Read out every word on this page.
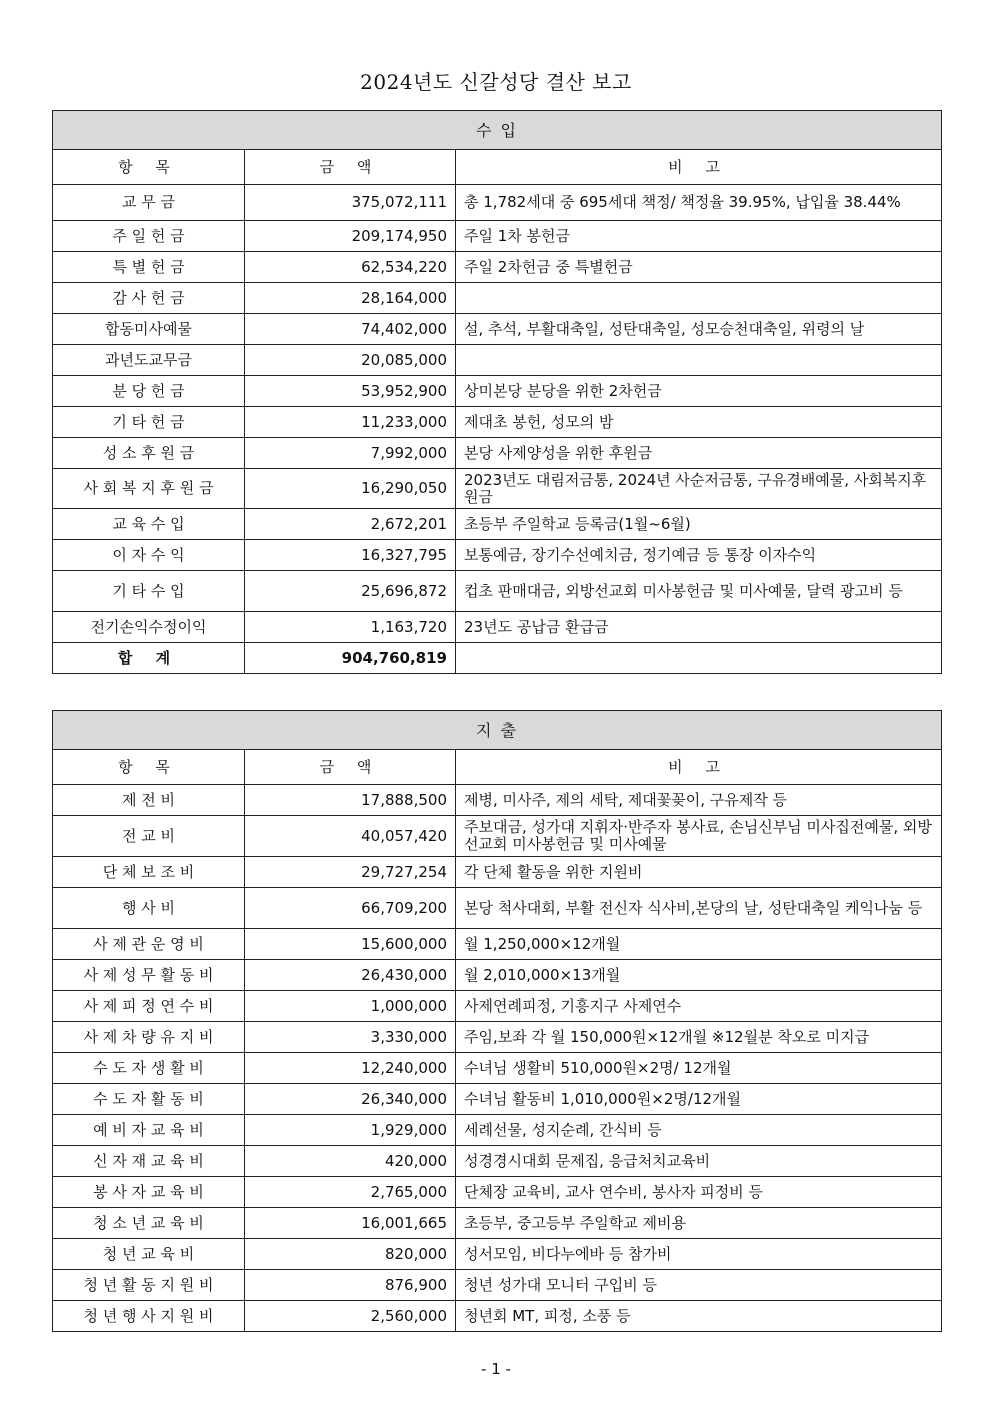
2024년도 신갈성당 결산 보고
수 입		
항 목	금 액	비 고
교 무 금	375,072,111	총 1,782세대 중 695세대 책정/ 책정율 39.95%, 납입율 38.44%
주 일 헌 금	209,174,950	주일 1차 봉헌금
특 별 헌 금	62,534,220	주일 2차헌금 중 특별헌금
감 사 헌 금	28,164,000	
합동미사예물	74,402,000	설, 추석, 부활대축일, 성탄대축일, 성모승천대축일, 위령의 날
과년도교무금	20,085,000	
분 당 헌 금	53,952,900	상미본당 분당을 위한 2차헌금
기 타 헌 금	11,233,000	제대초 봉헌, 성모의 밤
성 소 후 원 금	7,992,000	본당 사제양성을 위한 후원금
사 회 복 지 후 원 금	16,290,050	2023년도 대림저금통, 2024년 사순저금통, 구유경배예물, 사회복지후원금
교 육 수 입	2,672,201	초등부 주일학교 등록금(1월~6월)
이 자 수 익	16,327,795	보통예금, 장기수선예치금, 정기예금 등 통장 이자수익
기 타 수 입	25,696,872	컵초 판매대금, 외방선교회 미사봉헌금 및 미사예물, 달력 광고비 등
전기손익수정이익	1,163,720	23년도 공납금 환급금
합 계	904,760,819	
지 출		
항 목	금 액	비 고
제 전 비	17,888,500	제병, 미사주, 제의 세탁, 제대꽃꽂이, 구유제작 등
전 교 비	40,057,420	주보대금, 성가대 지휘자·반주자 봉사료, 손님신부님 미사집전예물, 외방선교회 미사봉헌금 및 미사예물
단 체 보 조 비	29,727,254	각 단체 활동을 위한 지원비
행 사 비	66,709,200	본당 척사대회, 부활 전신자 식사비,본당의 날, 성탄대축일 케익나눔 등
사 제 관 운 영 비	15,600,000	월 1,250,000×12개월
사 제 성 무 활 동 비	26,430,000	월 2,010,000×13개월
사 제 피 정 연 수 비	1,000,000	사제연례피정, 기흥지구 사제연수
사 제 차 량 유 지 비	3,330,000	주임,보좌 각 월 150,000원×12개월 ※12월분 착오로 미지급
수 도 자 생 활 비	12,240,000	수녀님 생활비 510,000원×2명/ 12개월
수 도 자 활 동 비	26,340,000	수녀님 활동비 1,010,000원×2명/12개월
예 비 자 교 육 비	1,929,000	세례선물, 성지순례, 간식비 등
신 자 재 교 육 비	420,000	성경경시대회 문제집, 응급처치교육비
봉 사 자 교 육 비	2,765,000	단체장 교육비, 교사 연수비, 봉사자 피정비 등
청 소 년 교 육 비	16,001,665	초등부, 중고등부 주일학교 제비용
청 년 교 육 비	820,000	성서모임, 비다누에바 등 참가비
청 년 활 동 지 원 비	876,900	청년 성가대 모니터 구입비 등
청 년 행 사 지 원 비	2,560,000	청년회 MT, 피정, 소풍 등
- 1 -
